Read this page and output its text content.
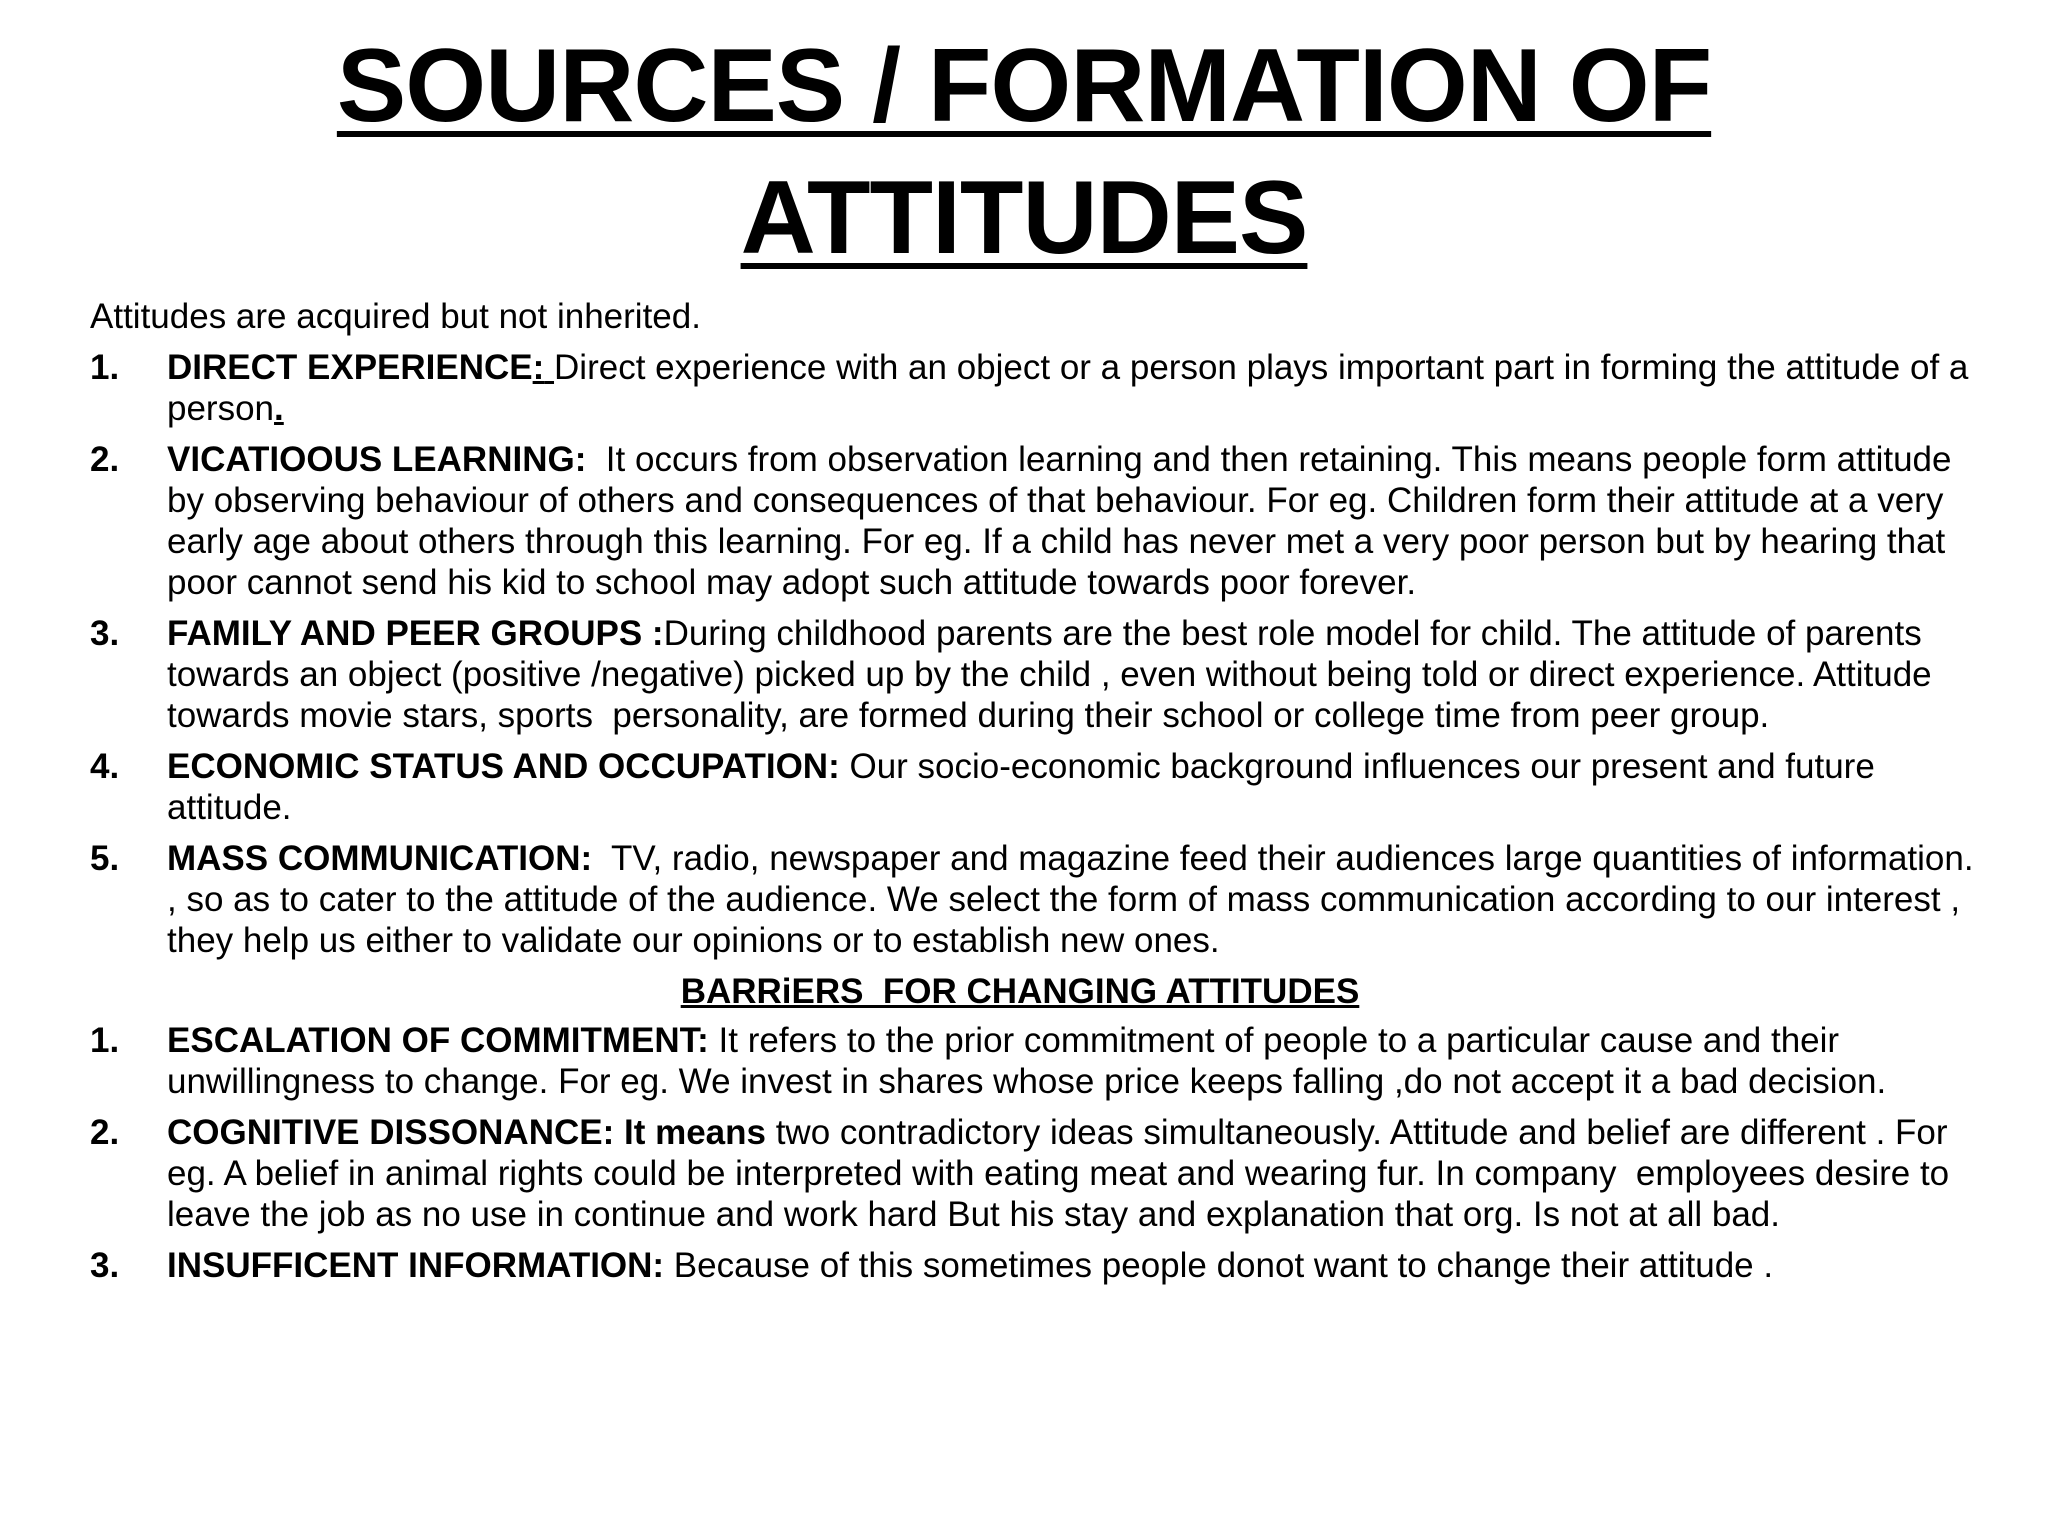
SOURCES / FORMATION OF
ATTITUDES
Attitudes are acquired but not inherited.
1. DIRECT EXPERIENCE: Direct experience with an object or a person plays important part in forming the attitude of a person.
2. VICATIOOUS LEARNING:  It occurs from observation learning and then retaining. This means people form attitude by observing behaviour of others and consequences of that behaviour. For eg. Children form their attitude at a very early age about others through this learning. For eg. If a child has never met a very poor person but by hearing that poor cannot send his kid to school may adopt such attitude towards poor forever.
3. FAMILY AND PEER GROUPS :During childhood parents are the best role model for child. The attitude of parents towards an object (positive /negative) picked up by the child , even without being told or direct experience. Attitude  towards movie stars, sports  personality, are formed during their school or college time from peer group.
4. ECONOMIC STATUS AND OCCUPATION: Our socio-economic background influences our present and future attitude.
5. MASS COMMUNICATION:  TV, radio, newspaper and magazine feed their audiences large quantities of information. , so as to cater to the attitude of the audience. We select the form of mass communication according to our interest , they help us either to validate our opinions or to establish new ones.
BARRiERS  FOR CHANGING ATTITUDES
1. ESCALATION OF COMMITMENT: It refers to the prior commitment of people to a particular cause and their unwillingness to change. For eg. We invest in shares whose price keeps falling ,do not accept it a bad decision.
2. COGNITIVE DISSONANCE: It means two contradictory ideas simultaneously. Attitude and belief are different . For eg. A belief in animal rights could be interpreted with eating meat and wearing fur. In company  employees desire to leave the job as no use in continue and work hard But his stay and explanation that org. Is not at all bad.
3. INSUFFICENT INFORMATION: Because of this sometimes people donot want to change their attitude .
